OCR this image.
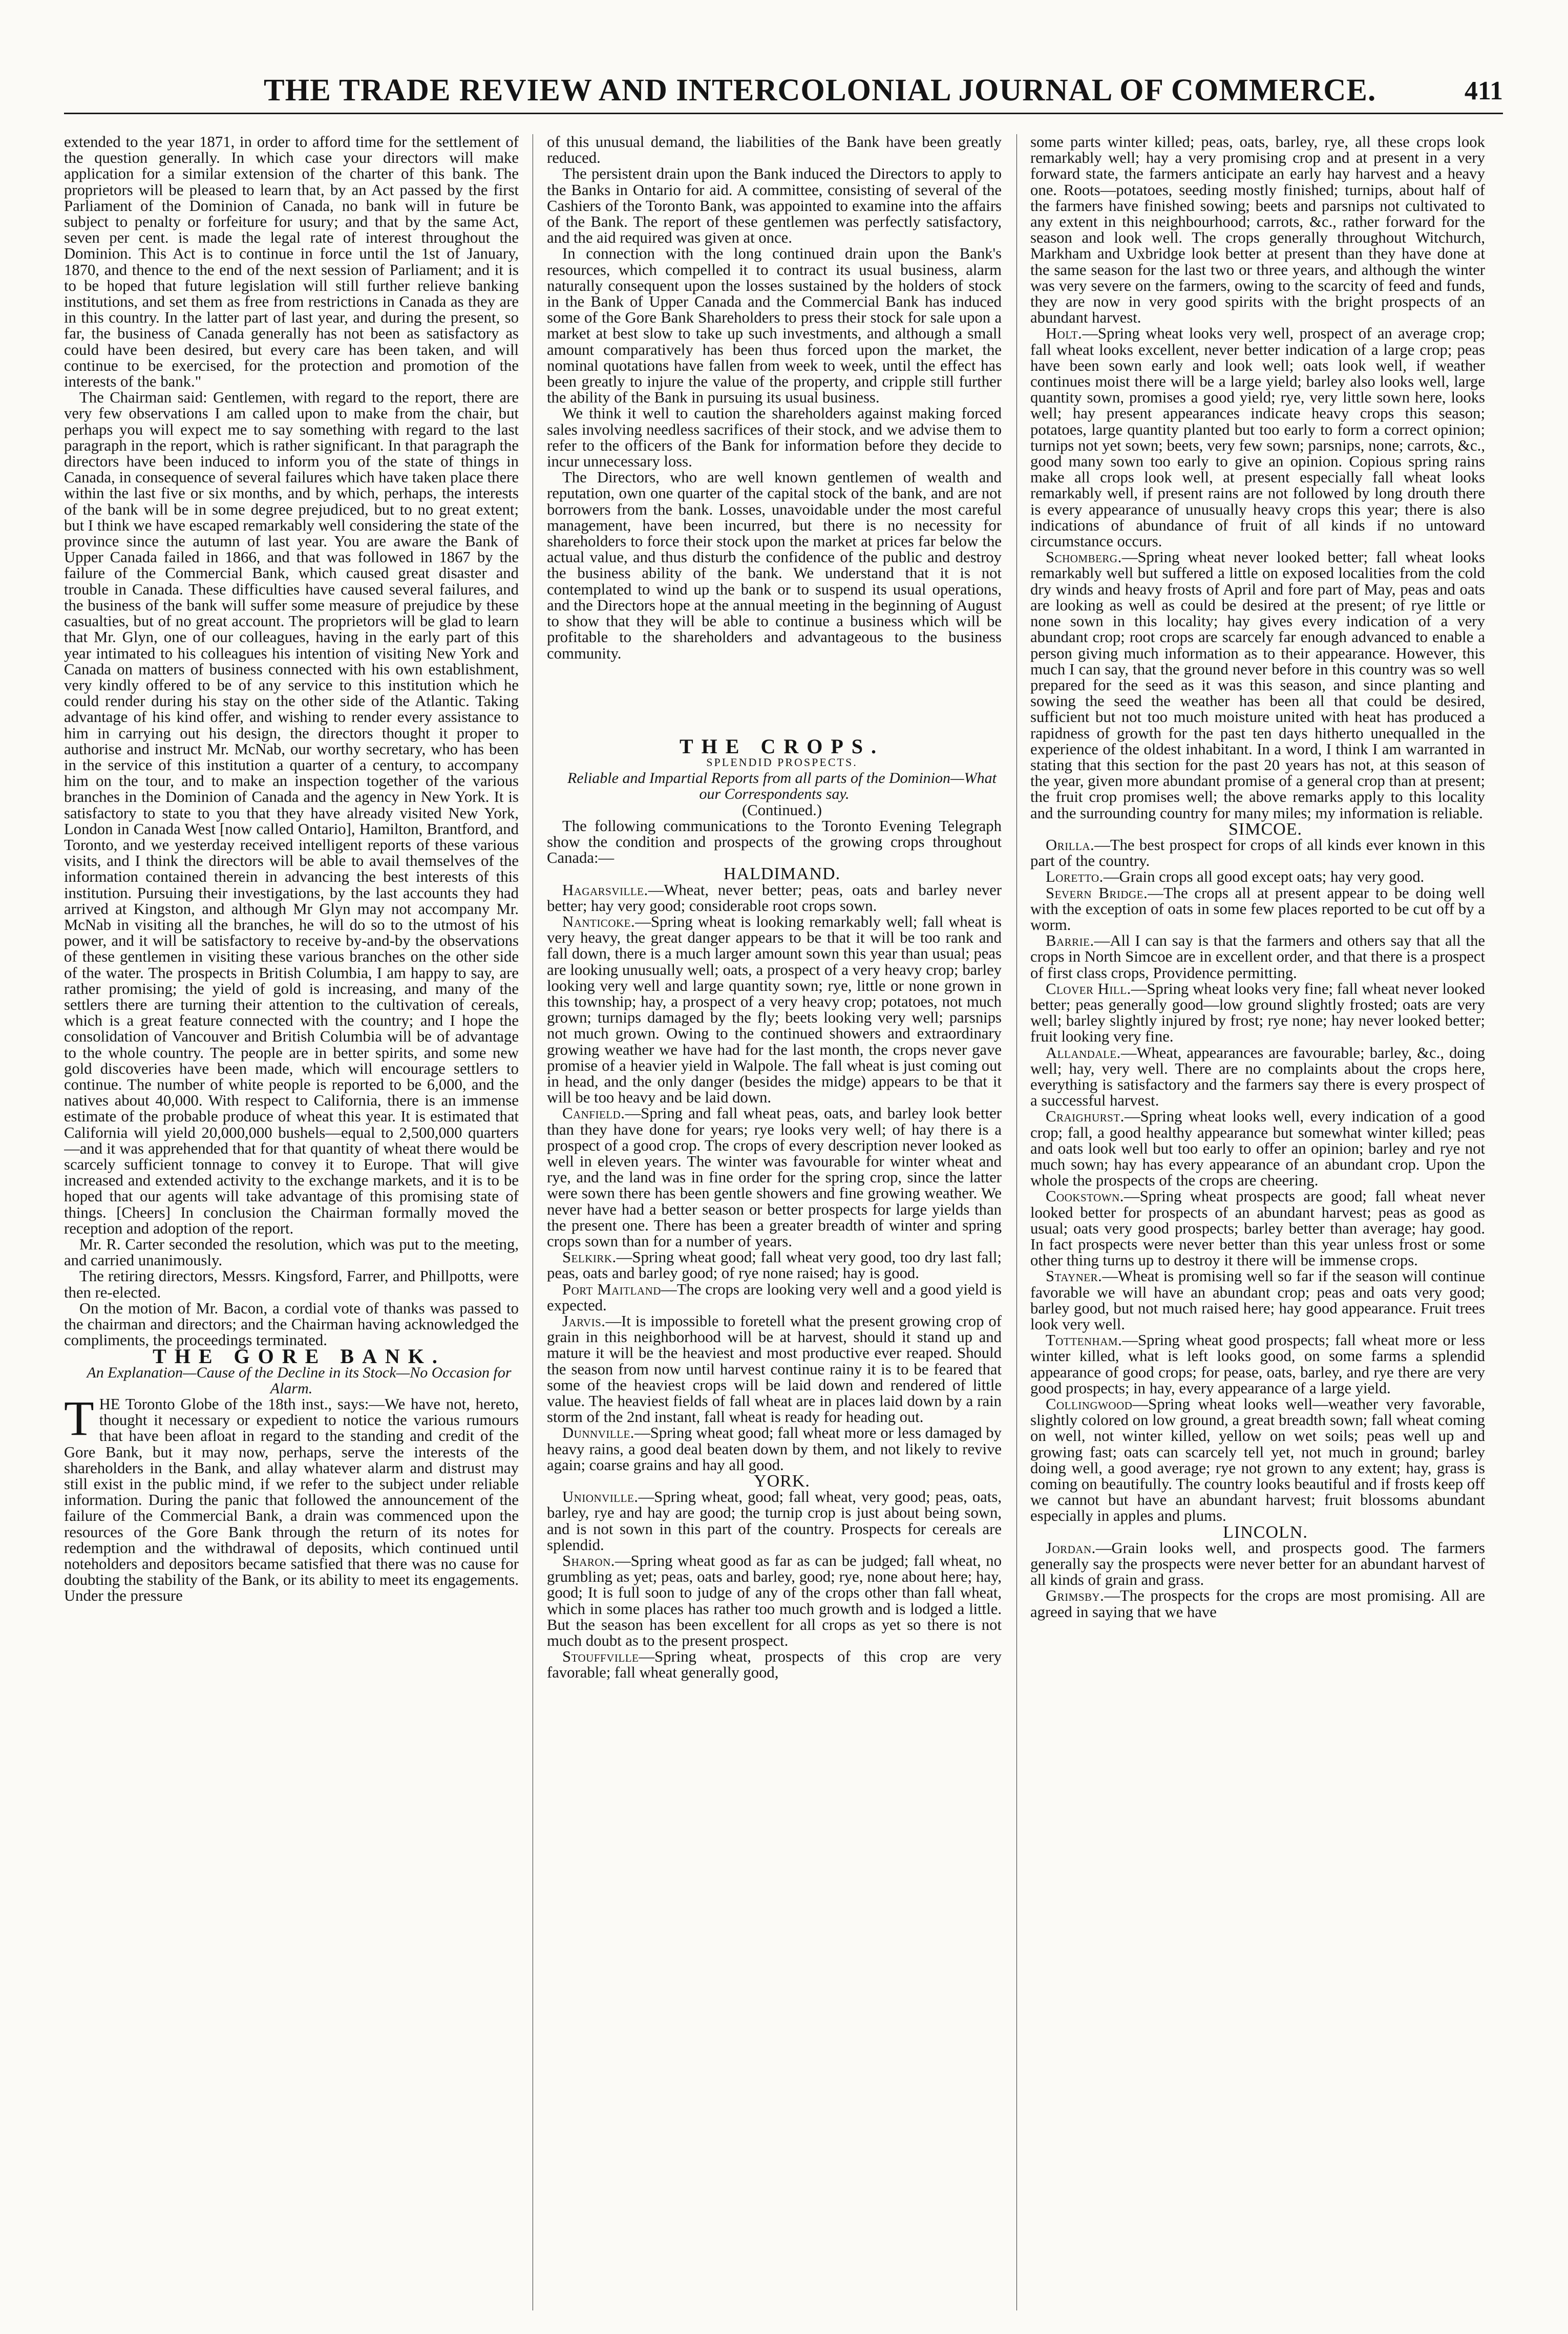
THE TRADE REVIEW AND INTERCOLONIAL JOURNAL OF COMMERCE.	411

extended to the year 1871, in order to afford time for the settlement of the question generally. In which case your directors will make application for a similar extension of the charter of this bank. The proprietors will be pleased to learn that, by an Act passed by the first Parliament of the Dominion of Canada, no bank will in future be subject to penalty or forfeiture for usury; and that by the same Act, seven per cent. is made the legal rate of interest throughout the Dominion. This Act is to continue in force until the 1st of January, 1870, and thence to the end of the next session of Parliament; and it is to be hoped that future legislation will still further relieve banking institutions, and set them as free from restrictions in Canada as they are in this country. In the latter part of last year, and during the present, so far, the business of Canada generally has not been as satisfactory as could have been desired, but every care has been taken, and will continue to be exercised, for the protection and promotion of the interests of the bank."

The Chairman said: Gentlemen, with regard to the report, there are very few observations I am called upon to make from the chair, but perhaps you will expect me to say something with regard to the last paragraph in the report, which is rather significant. In that paragraph the directors have been induced to inform you of the state of things in Canada, in consequence of several failures which have taken place there within the last five or six months, and by which, perhaps, the interests of the bank will be in some degree prejudiced, but to no great extent; but I think we have escaped remarkably well considering the state of the province since the autumn of last year. You are aware the Bank of Upper Canada failed in 1866, and that was followed in 1867 by the failure of the Commercial Bank, which caused great disaster and trouble in Canada. These difficulties have caused several failures, and the business of the bank will suffer some measure of prejudice by these casualties, but of no great account. The proprietors will be glad to learn that Mr. Glyn, one of our colleagues, having in the early part of this year intimated to his colleagues his intention of visiting New York and Canada on matters of business connected with his own establishment, very kindly offered to be of any service to this institution which he could render during his stay on the other side of the Atlantic. Taking advantage of his kind offer, and wishing to render every assistance to him in carrying out his design, the directors thought it proper to authorise and instruct Mr. McNab, our worthy secretary, who has been in the service of this institution a quarter of a century, to accompany him on the tour, and to make an inspection together of the various branches in the Dominion of Canada and the agency in New York. It is satisfactory to state to you that they have already visited New York, London in Canada West [now called Ontario], Hamilton, Brantford, and Toronto, and we yesterday received intelligent reports of these various visits, and I think the directors will be able to avail themselves of the information contained therein in advancing the best interests of this institution. Pursuing their investigations, by the last accounts they had arrived at Kingston, and although Mr Glyn may not accompany Mr. McNab in visiting all the branches, he will do so to the utmost of his power, and it will be satisfactory to receive by-and-by the observations of these gentlemen in visiting these various branches on the other side of the water. The prospects in British Columbia, I am happy to say, are rather promising; the yield of gold is increasing, and many of the settlers there are turning their attention to the cultivation of cereals, which is a great feature connected with the country; and I hope the consolidation of Vancouver and British Columbia will be of advantage to the whole country. The people are in better spirits, and some new gold discoveries have been made, which will encourage settlers to continue. The number of white people is reported to be 6,000, and the natives about 40,000. With respect to California, there is an immense estimate of the probable produce of wheat this year. It is estimated that California will yield 20,000,000 bushels—equal to 2,500,000 quarters—and it was apprehended that for that quantity of wheat there would be scarcely sufficient tonnage to convey it to Europe. That will give increased and extended activity to the exchange markets, and it is to be hoped that our agents will take advantage of this promising state of things. [Cheers] In conclusion the Chairman formally moved the reception and adoption of the report.

Mr. R. Carter seconded the resolution, which was put to the meeting, and carried unanimously.

The retiring directors, Messrs. Kingsford, Farrer, and Phillpotts, were then re-elected.

On the motion of Mr. Bacon, a cordial vote of thanks was passed to the chairman and directors; and the Chairman having acknowledged the compliments, the proceedings terminated.

THE GORE BANK.

An Explanation—Cause of the Decline in its Stock—No Occasion for Alarm.

THE Toronto Globe of the 18th inst., says:—We have not, hereto, thought it necessary or expedient to notice the various rumours that have been afloat in regard to the standing and credit of the Gore Bank, but it may now, perhaps, serve the interests of the shareholders in the Bank, and allay whatever alarm and distrust may still exist in the public mind, if we refer to the subject under reliable information. During the panic that followed the announcement of the failure of the Commercial Bank, a drain was commenced upon the resources of the Gore Bank through the return of its notes for redemption and the withdrawal of deposits, which continued until noteholders and depositors became satisfied that there was no cause for doubting the stability of the Bank, or its ability to meet its engagements. Under the pressure

of this unusual demand, the liabilities of the Bank have been greatly reduced.

The persistent drain upon the Bank induced the Directors to apply to the Banks in Ontario for aid. A committee, consisting of several of the Cashiers of the Toronto Bank, was appointed to examine into the affairs of the Bank. The report of these gentlemen was perfectly satisfactory, and the aid required was given at once.

In connection with the long continued drain upon the Bank's resources, which compelled it to contract its usual business, alarm naturally consequent upon the losses sustained by the holders of stock in the Bank of Upper Canada and the Commercial Bank has induced some of the Gore Bank Shareholders to press their stock for sale upon a market at best slow to take up such investments, and although a small amount comparatively has been thus forced upon the market, the nominal quotations have fallen from week to week, until the effect has been greatly to injure the value of the property, and cripple still further the ability of the Bank in pursuing its usual business.

We think it well to caution the shareholders against making forced sales involving needless sacrifices of their stock, and we advise them to refer to the officers of the Bank for information before they decide to incur unnecessary loss.

The Directors, who are well known gentlemen of wealth and reputation, own one quarter of the capital stock of the bank, and are not borrowers from the bank. Losses, unavoidable under the most careful management, have been incurred, but there is no necessity for shareholders to force their stock upon the market at prices far below the actual value, and thus disturb the confidence of the public and destroy the business ability of the bank. We understand that it is not contemplated to wind up the bank or to suspend its usual operations, and the Directors hope at the annual meeting in the beginning of August to show that they will be able to continue a business which will be profitable to the shareholders and advantageous to the business community.

THE CROPS.

SPLENDID PROSPECTS.

Reliable and Impartial Reports from all parts of the Dominion—What our Correspondents say.

(Continued.)

The following communications to the Toronto Evening Telegraph show the condition and prospects of the growing crops throughout Canada:—

HALDIMAND.

Hagarsville.—Wheat, never better; peas, oats and barley never better; hay very good; considerable root crops sown.

Nanticoke.—Spring wheat is looking remarkably well; fall wheat is very heavy, the great danger appears to be that it will be too rank and fall down, there is a much larger amount sown this year than usual; peas are looking unusually well; oats, a prospect of a very heavy crop; barley looking very well and large quantity sown; rye, little or none grown in this township; hay, a prospect of a very heavy crop; potatoes, not much grown; turnips damaged by the fly; beets looking very well; parsnips not much grown. Owing to the continued showers and extraordinary growing weather we have had for the last month, the crops never gave promise of a heavier yield in Walpole. The fall wheat is just coming out in head, and the only danger (besides the midge) appears to be that it will be too heavy and be laid down.

Canfield.—Spring and fall wheat peas, oats, and barley look better than they have done for years; rye looks very well; of hay there is a prospect of a good crop. The crops of every description never looked as well in eleven years. The winter was favourable for winter wheat and rye, and the land was in fine order for the spring crop, since the latter were sown there has been gentle showers and fine growing weather. We never have had a better season or better prospects for large yields than the present one. There has been a greater breadth of winter and spring crops sown than for a number of years.

Selkirk.—Spring wheat good; fall wheat very good, too dry last fall; peas, oats and barley good; of rye none raised; hay is good.

Port Maitland—The crops are looking very well and a good yield is expected.

Jarvis.—It is impossible to foretell what the present growing crop of grain in this neighborhood will be at harvest, should it stand up and mature it will be the heaviest and most productive ever reaped. Should the season from now until harvest continue rainy it is to be feared that some of the heaviest crops will be laid down and rendered of little value. The heaviest fields of fall wheat are in places laid down by a rain storm of the 2nd instant, fall wheat is ready for heading out.

Dunnville.—Spring wheat good; fall wheat more or less damaged by heavy rains, a good deal beaten down by them, and not likely to revive again; coarse grains and hay all good.

YORK.

Unionville.—Spring wheat, good; fall wheat, very good; peas, oats, barley, rye and hay are good; the turnip crop is just about being sown, and is not sown in this part of the country. Prospects for cereals are splendid.

Sharon.—Spring wheat good as far as can be judged; fall wheat, no grumbling as yet; peas, oats and barley, good; rye, none about here; hay, good; It is full soon to judge of any of the crops other than fall wheat, which in some places has rather too much growth and is lodged a little. But the season has been excellent for all crops as yet so there is not much doubt as to the present prospect.

Stouffville—Spring wheat, prospects of this crop are very favorable; fall wheat generally good,

some parts winter killed; peas, oats, barley, rye, all these crops look remarkably well; hay a very promising crop and at present in a very forward state, the farmers anticipate an early hay harvest and a heavy one. Roots—potatoes, seeding mostly finished; turnips, about half of the farmers have finished sowing; beets and parsnips not cultivated to any extent in this neighbourhood; carrots, &c., rather forward for the season and look well. The crops generally throughout Witchurch, Markham and Uxbridge look better at present than they have done at the same season for the last two or three years, and although the winter was very severe on the farmers, owing to the scarcity of feed and funds, they are now in very good spirits with the bright prospects of an abundant harvest.

Holt.—Spring wheat looks very well, prospect of an average crop; fall wheat looks excellent, never better indication of a large crop; peas have been sown early and look well; oats look well, if weather continues moist there will be a large yield; barley also looks well, large quantity sown, promises a good yield; rye, very little sown here, looks well; hay present appearances indicate heavy crops this season; potatoes, large quantity planted but too early to form a correct opinion; turnips not yet sown; beets, very few sown; parsnips, none; carrots, &c., good many sown too early to give an opinion. Copious spring rains make all crops look well, at present especially fall wheat looks remarkably well, if present rains are not followed by long drouth there is every appearance of unusually heavy crops this year; there is also indications of abundance of fruit of all kinds if no untoward circumstance occurs.

Schomberg.—Spring wheat never looked better; fall wheat looks remarkably well but suffered a little on exposed localities from the cold dry winds and heavy frosts of April and fore part of May, peas and oats are looking as well as could be desired at the present; of rye little or none sown in this locality; hay gives every indication of a very abundant crop; root crops are scarcely far enough advanced to enable a person giving much information as to their appearance. However, this much I can say, that the ground never before in this country was so well prepared for the seed as it was this season, and since planting and sowing the seed the weather has been all that could be desired, sufficient but not too much moisture united with heat has produced a rapidness of growth for the past ten days hitherto unequalled in the experience of the oldest inhabitant. In a word, I think I am warranted in stating that this section for the past 20 years has not, at this season of the year, given more abundant promise of a general crop than at present; the fruit crop promises well; the above remarks apply to this locality and the surrounding country for many miles; my information is reliable.

SIMCOE.

Orilla.—The best prospect for crops of all kinds ever known in this part of the country.

Loretto.—Grain crops all good except oats; hay very good.

Severn Bridge.—The crops all at present appear to be doing well with the exception of oats in some few places reported to be cut off by a worm.

Barrie.—All I can say is that the farmers and others say that all the crops in North Simcoe are in excellent order, and that there is a prospect of first class crops, Providence permitting.

Clover Hill.—Spring wheat looks very fine; fall wheat never looked better; peas generally good—low ground slightly frosted; oats are very well; barley slightly injured by frost; rye none; hay never looked better; fruit looking very fine.

Allandale.—Wheat, appearances are favourable; barley, &c., doing well; hay, very well. There are no complaints about the crops here, everything is satisfactory and the farmers say there is every prospect of a successful harvest.

Craighurst.—Spring wheat looks well, every indication of a good crop; fall, a good healthy appearance but somewhat winter killed; peas and oats look well but too early to offer an opinion; barley and rye not much sown; hay has every appearance of an abundant crop. Upon the whole the prospects of the crops are cheering.

Cookstown.—Spring wheat prospects are good; fall wheat never looked better for prospects of an abundant harvest; peas as good as usual; oats very good prospects; barley better than average; hay good. In fact prospects were never better than this year unless frost or some other thing turns up to destroy it there will be immense crops.

Stayner.—Wheat is promising well so far if the season will continue favorable we will have an abundant crop; peas and oats very good; barley good, but not much raised here; hay good appearance. Fruit trees look very well.

Tottenham.—Spring wheat good prospects; fall wheat more or less winter killed, what is left looks good, on some farms a splendid appearance of good crops; for pease, oats, barley, and rye there are very good prospects; in hay, every appearance of a large yield.

Collingwood—Spring wheat looks well—weather very favorable, slightly colored on low ground, a great breadth sown; fall wheat coming on well, not winter killed, yellow on wet soils; peas well up and growing fast; oats can scarcely tell yet, not much in ground; barley doing well, a good average; rye not grown to any extent; hay, grass is coming on beautifully. The country looks beautiful and if frosts keep off we cannot but have an abundant harvest; fruit blossoms abundant especially in apples and plums.

LINCOLN.

Jordan.—Grain looks well, and prospects good. The farmers generally say the prospects were never better for an abundant harvest of all kinds of grain and grass.

Grimsby.—The prospects for the crops are most promising. All are agreed in saying that we have
